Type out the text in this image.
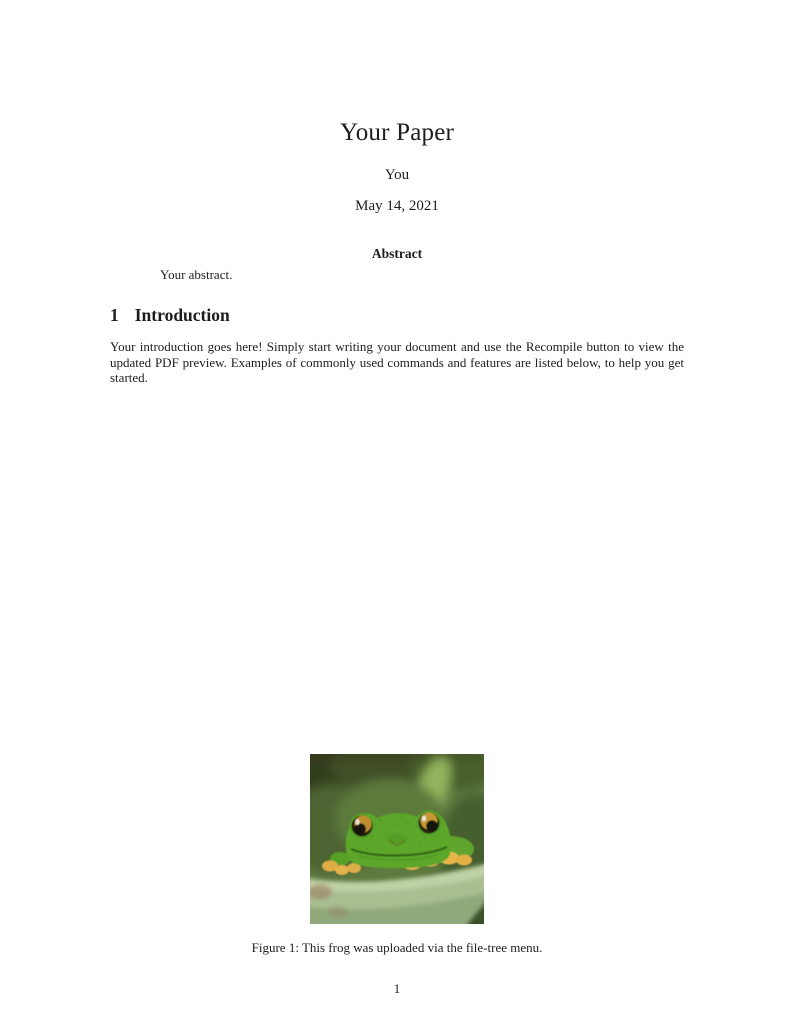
Your Paper
You
May 14, 2021
Abstract
Your abstract.
1 Introduction

Your introduction goes here! Simply start writing your document and use the Recompile button to view the updated PDF preview. Examples of commonly used commands and features are listed below, to help you get started.

Figure 1: This frog was uploaded via the file-tree menu.
1
